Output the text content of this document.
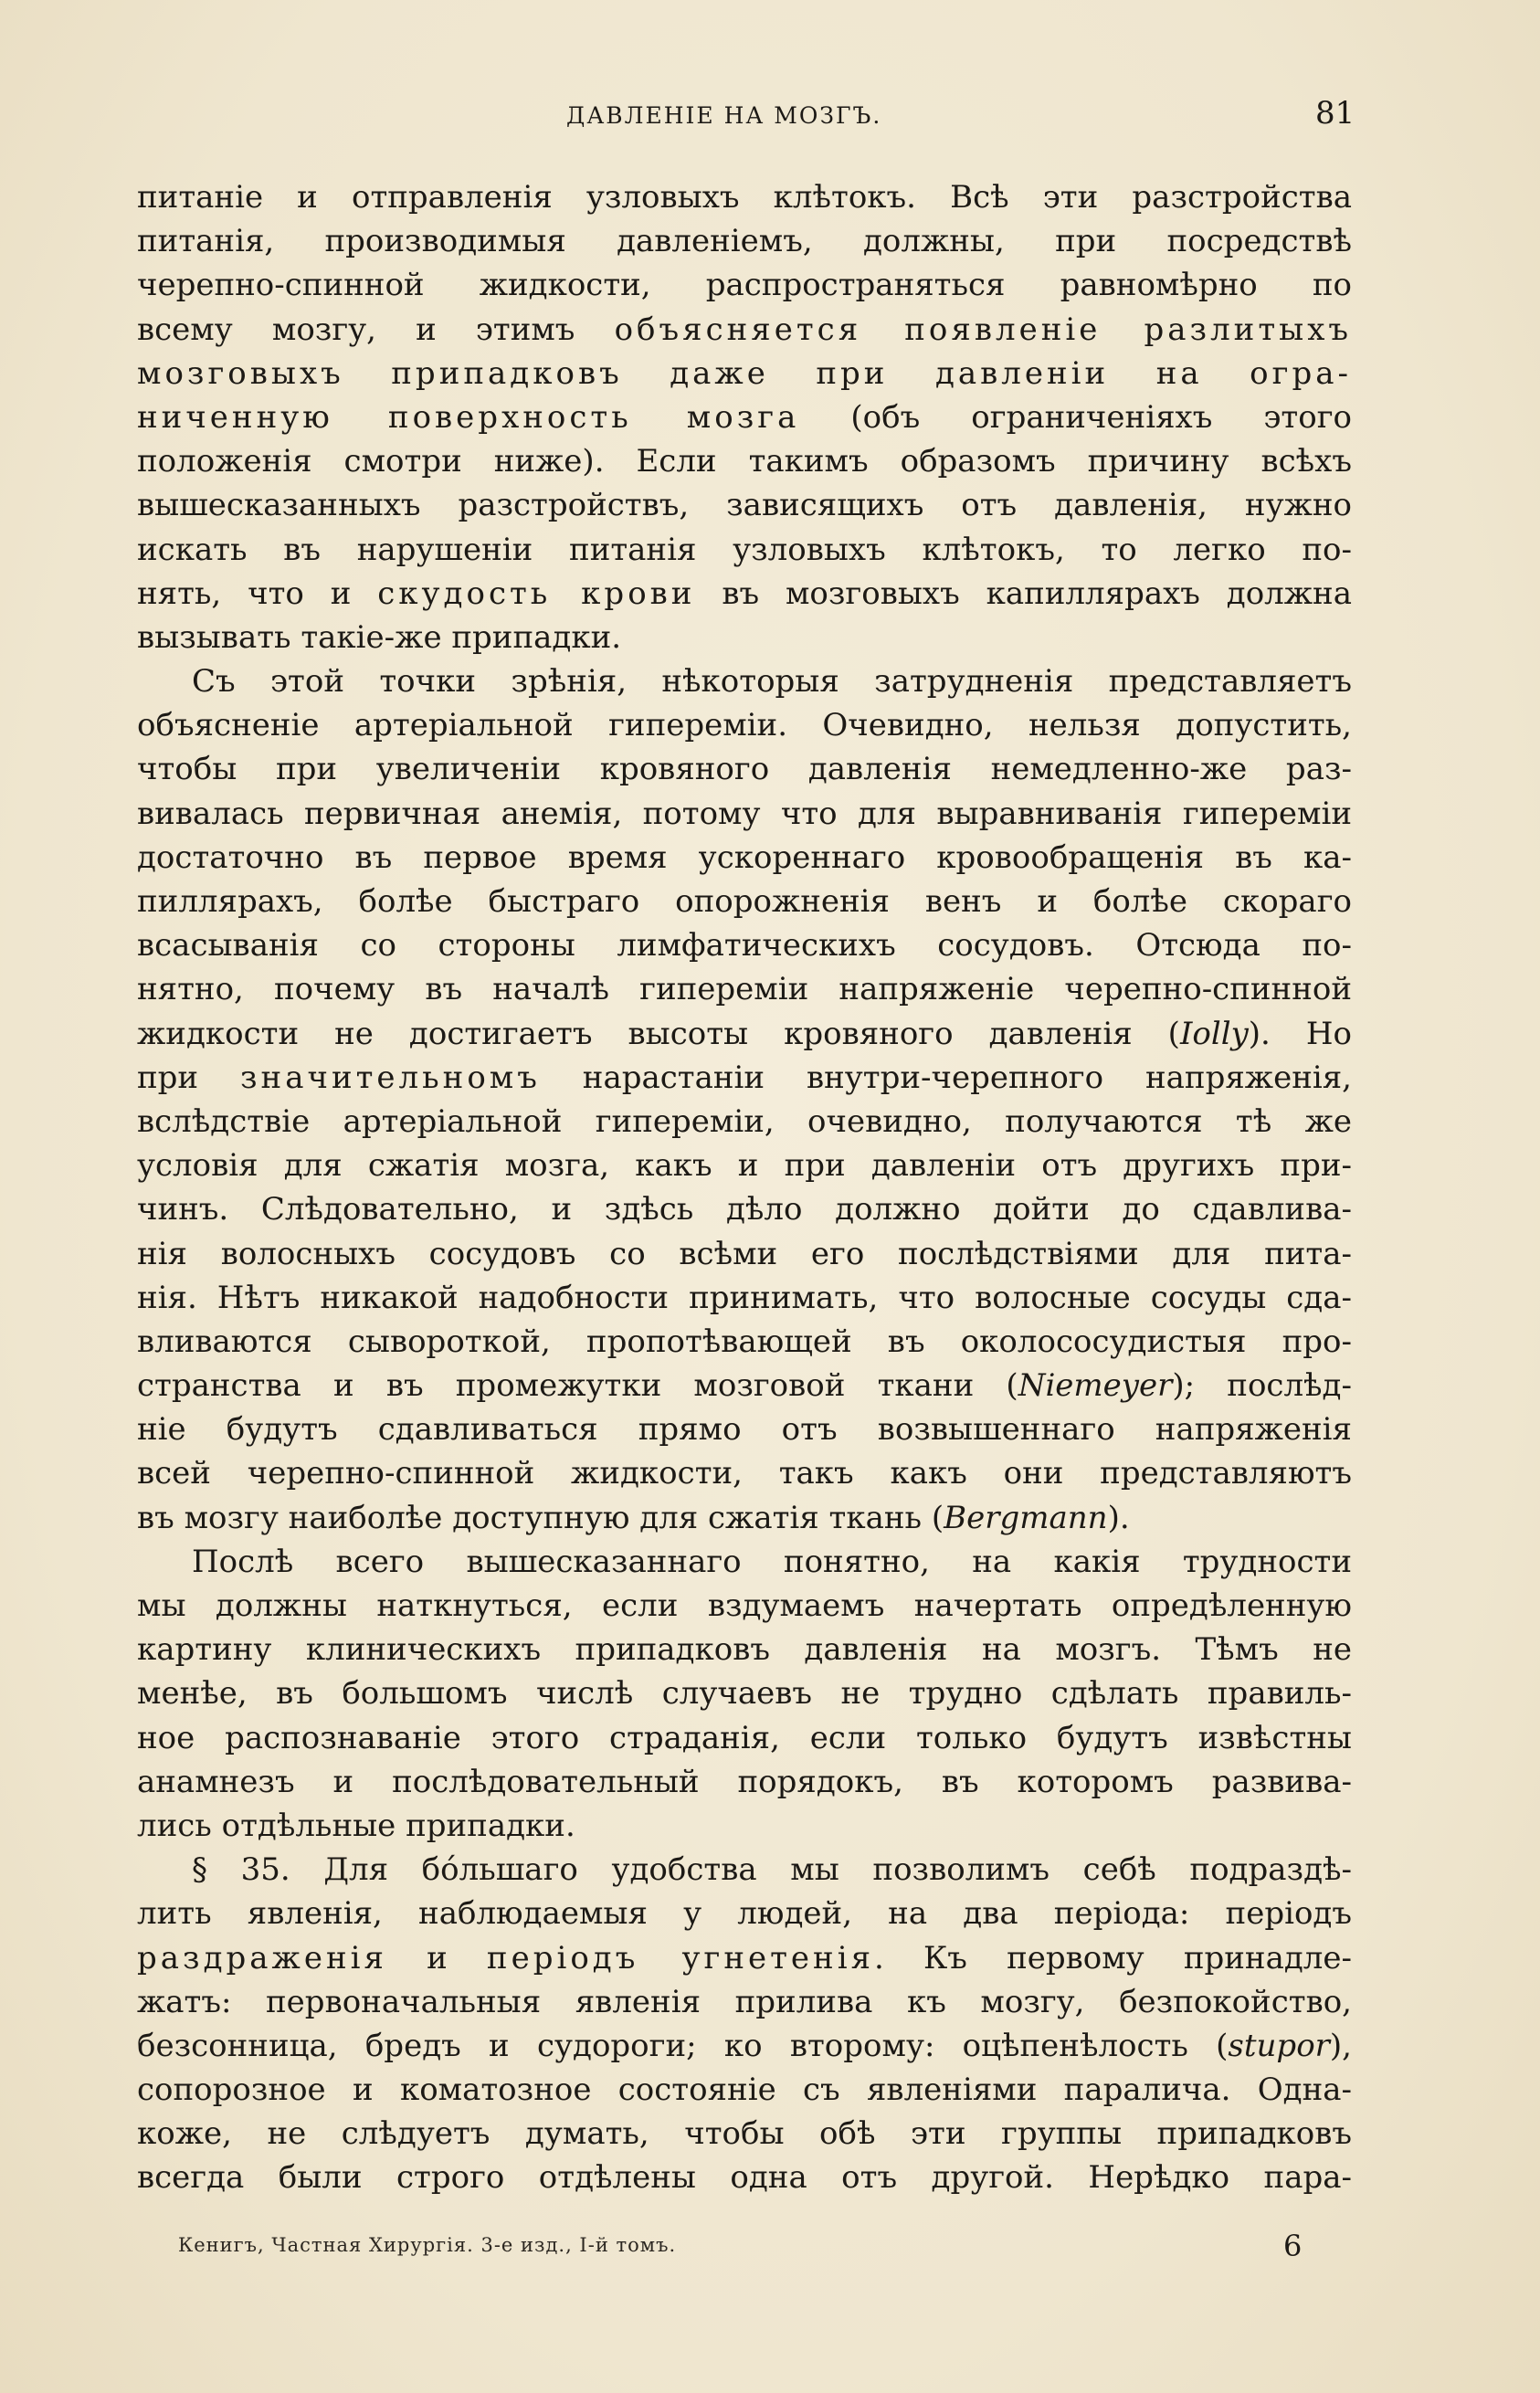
ДАВЛЕНІЕ НА МОЗГЪ.	81
питаніе и отправленія узловыхъ клѣтокъ. Всѣ эти разстройства
питанія, производимыя давленіемъ, должны, при посредствѣ
черепно-спинной жидкости, распространяться равномѣрно по
всему мозгу, и этимъ объясняется появленіе разлитыхъ
мозговыхъ припадковъ даже при давленіи на огра-
ниченную поверхность мозга (объ ограниченіяхъ этого
положенія смотри ниже). Если такимъ образомъ причину всѣхъ
вышесказанныхъ разстройствъ, зависящихъ отъ давленія, нужно
искать въ нарушеніи питанія узловыхъ клѣтокъ, то легко по-
нять, что и скудость крови въ мозговыхъ капиллярахъ должна
вызывать такіе-же припадки.
Съ этой точки зрѣнія, нѣкоторыя затрудненія представляетъ
объясненіе артеріальной гипереміи. Очевидно, нельзя допустить,
чтобы при увеличеніи кровяного давленія немедленно-же раз-
вивалась первичная анемія, потому что для выравниванія гипереміи
достаточно въ первое время ускореннаго кровообращенія въ ка-
пиллярахъ, болѣе быстраго опорожненія венъ и болѣе скораго
всасыванія со стороны лимфатическихъ сосудовъ. Отсюда по-
нятно, почему въ началѣ гипереміи напряженіе черепно-спинной
жидкости не достигаетъ высоты кровяного давленія (Iolly). Но
при значительномъ нарастаніи внутри-черепного напряженія,
вслѣдствіе артеріальной гипереміи, очевидно, получаются тѣ же
условія для сжатія мозга, какъ и при давленіи отъ другихъ при-
чинъ. Слѣдовательно, и здѣсь дѣло должно дойти до сдавлива-
нія волосныхъ сосудовъ со всѣми его послѣдствіями для пита-
нія. Нѣтъ никакой надобности принимать, что волосные сосуды сда-
вливаются сывороткой, пропотѣвающей въ околососудистыя про-
странства и въ промежутки мозговой ткани (Niemeyer); послѣд-
ніе будутъ сдавливаться прямо отъ возвышеннаго напряженія
всей черепно-спинной жидкости, такъ какъ они представляютъ
въ мозгу наиболѣе доступную для сжатія ткань (Bergmann).
Послѣ всего вышесказаннаго понятно, на какія трудности
мы должны наткнуться, если вздумаемъ начертать опредѣленную
картину клиническихъ припадковъ давленія на мозгъ. Тѣмъ не
менѣе, въ большомъ числѣ случаевъ не трудно сдѣлать правиль-
ное распознаваніе этого страданія, если только будутъ извѣстны
анамнезъ и послѣдовательный порядокъ, въ которомъ развива-
лись отдѣльные припадки.
§ 35. Для бо́льшаго удобства мы позволимъ себѣ подраздѣ-
лить явленія, наблюдаемыя у людей, на два періода: періодъ
раздраженія и періодъ угнетенія. Къ первому принадле-
жатъ: первоначальныя явленія прилива къ мозгу, безпокойство,
безсонница, бредъ и судороги; ко второму: оцѣпенѣлость (stupor),
сопорозное и коматозное состояніе съ явленіями паралича. Одна-
коже, не слѣдуетъ думать, чтобы обѣ эти группы припадковъ
всегда были строго отдѣлены одна отъ другой. Нерѣдко пара-
Кенигъ, Частная Хирургія. 3-е изд., І-й томъ.	6
